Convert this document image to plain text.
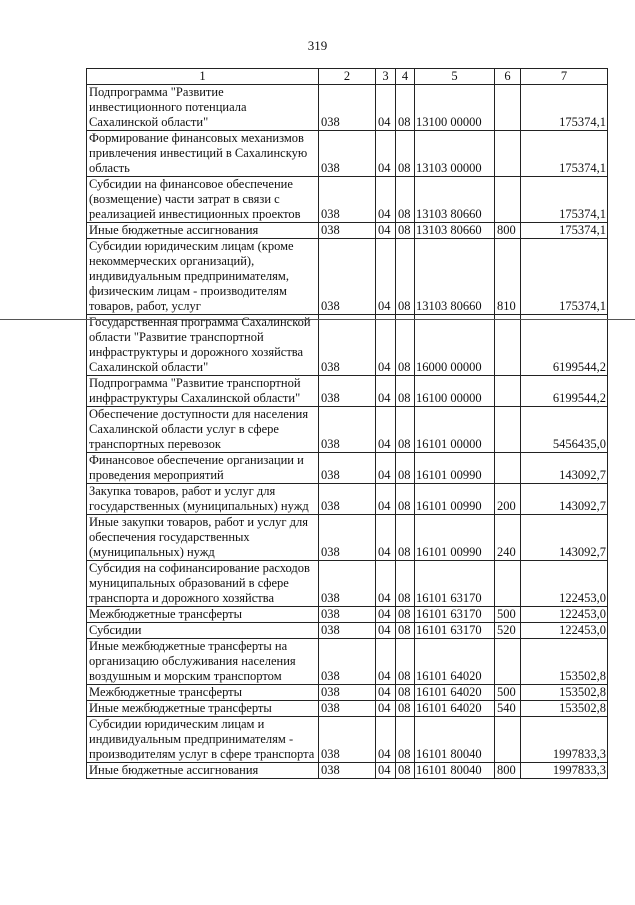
319
1	2	3	4	5	6	7
Подпрограмма "Развитие инвестиционного потенциала Сахалинской области"	038	04	08	13100 00000		175374,1
Формирование финансовых механизмов привлечения инвестиций в Сахалинскую область	038	04	08	13103 00000		175374,1
Субсидии на финансовое обеспечение (возмещение) части затрат в связи с реализацией инвестиционных проектов	038	04	08	13103 80660		175374,1
Иные бюджетные ассигнования	038	04	08	13103 80660	800	175374,1
Субсидии юридическим лицам (кроме некоммерческих организаций), индивидуальным предпринимателям, физическим лицам - производителям товаров, работ, услуг	038	04	08	13103 80660	810	175374,1
Государственная программа Сахалинской области "Развитие транспортной инфраструктуры и дорожного хозяйства Сахалинской области"	038	04	08	16000 00000		6199544,2
Подпрограмма "Развитие транспортной инфраструктуры Сахалинской области"	038	04	08	16100 00000		6199544,2
Обеспечение доступности для населения Сахалинской области услуг в сфере транспортных перевозок	038	04	08	16101 00000		5456435,0
Финансовое обеспечение организации и проведения мероприятий	038	04	08	16101 00990		143092,7
Закупка товаров, работ и услуг для государственных (муниципальных) нужд	038	04	08	16101 00990	200	143092,7
Иные закупки товаров, работ и услуг для обеспечения государственных (муниципальных) нужд	038	04	08	16101 00990	240	143092,7
Субсидия на софинансирование расходов муниципальных образований в сфере транспорта и дорожного хозяйства	038	04	08	16101 63170		122453,0
Межбюджетные трансферты	038	04	08	16101 63170	500	122453,0
Субсидии	038	04	08	16101 63170	520	122453,0
Иные межбюджетные трансферты на организацию обслуживания населения воздушным и морским транспортом	038	04	08	16101 64020		153502,8
Межбюджетные трансферты	038	04	08	16101 64020	500	153502,8
Иные межбюджетные трансферты	038	04	08	16101 64020	540	153502,8
Субсидии юридическим лицам и индивидуальным предпринимателям - производителям услуг в сфере транспорта	038	04	08	16101 80040		1997833,3
Иные бюджетные ассигнования	038	04	08	16101 80040	800	1997833,3
